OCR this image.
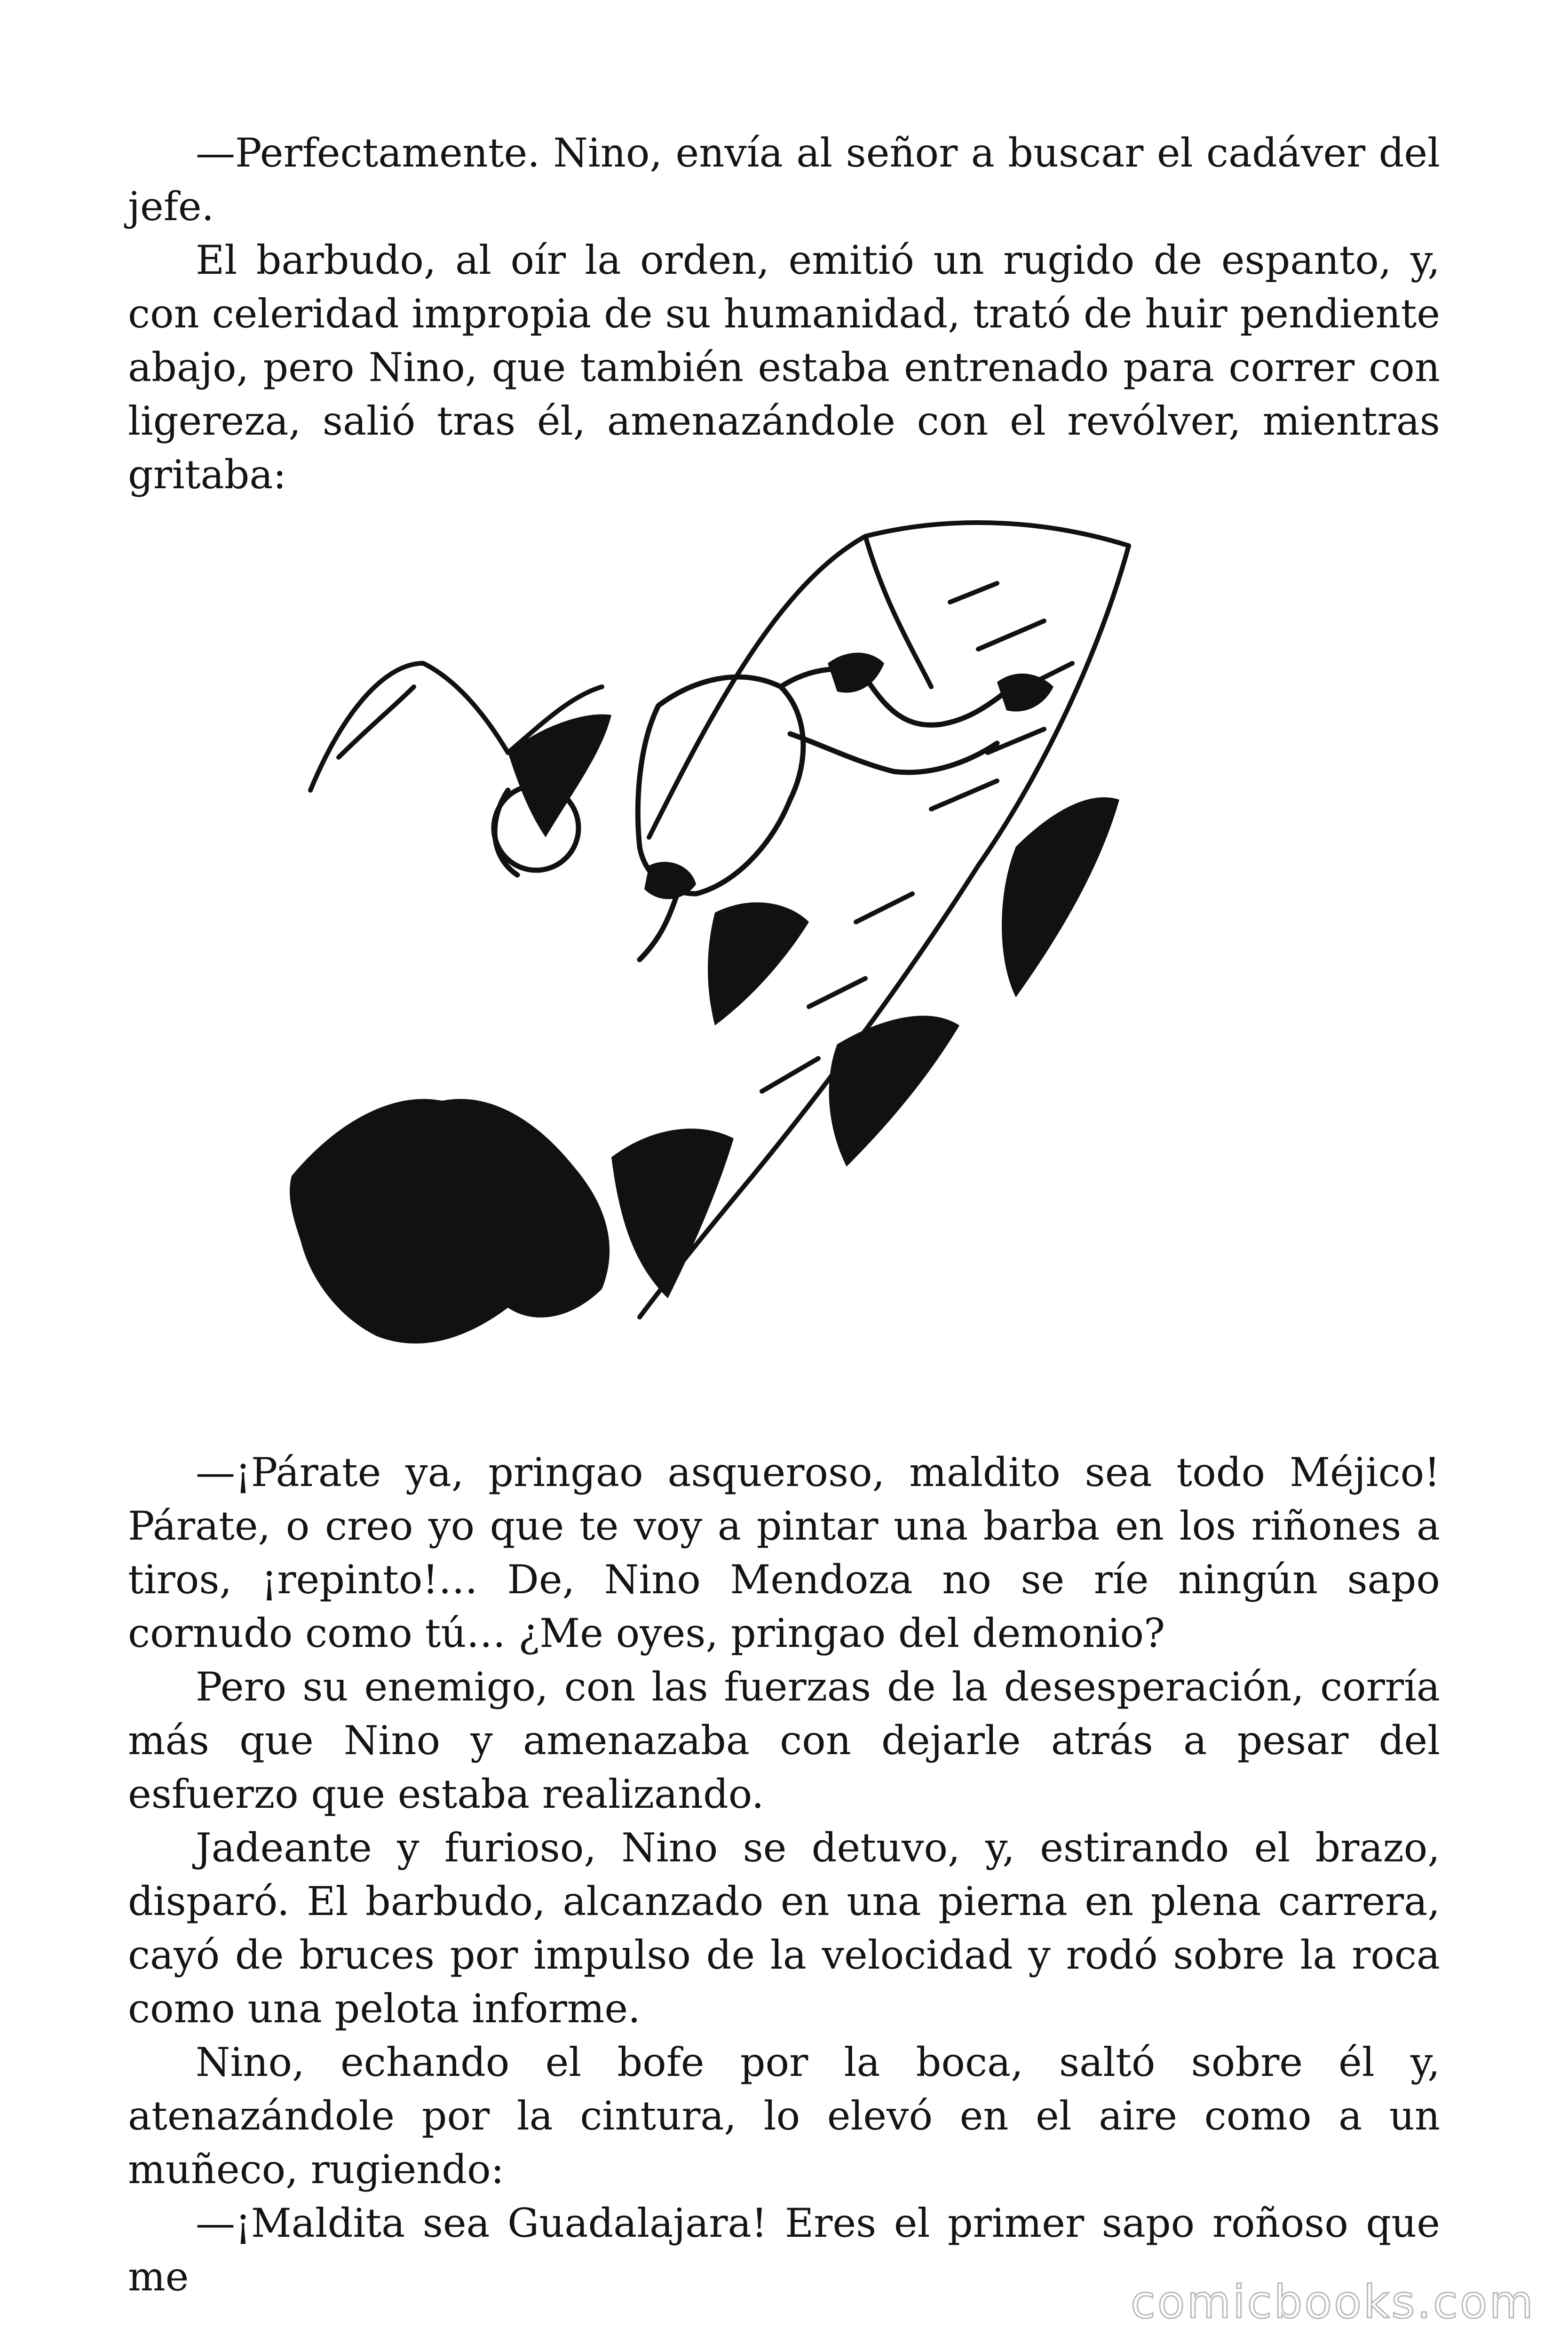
—Perfectamente. Nino, envía al señor a buscar el cadáver del jefe.

El barbudo, al oír la orden, emitió un rugido de espanto, y, con celeridad impropia de su humanidad, trató de huir pendiente abajo, pero Nino, que también estaba entrenado para correr con ligereza, salió tras él, amenazándole con el revólver, mientras gritaba:

—¡Párate ya, pringao asqueroso, maldito sea todo Méjico! Párate, o creo yo que te voy a pintar una barba en los riñones a tiros, ¡repinto!… De, Nino Mendoza no se ríe ningún sapo cornudo como tú… ¿Me oyes, pringao del demonio?

Pero su enemigo, con las fuerzas de la desesperación, corría más que Nino y amenazaba con dejarle atrás a pesar del esfuerzo que estaba realizando.

Jadeante y furioso, Nino se detuvo, y, estirando el brazo, disparó. El barbudo, alcanzado en una pierna en plena carrera, cayó de bruces por impulso de la velocidad y rodó sobre la roca como una pelota informe.

Nino, echando el bofe por la boca, saltó sobre él y, atenazándole por la cintura, lo elevó en el aire como a un muñeco, rugiendo:

—¡Maldita sea Guadalajara! Eres el primer sapo roñoso que me	comicbooks.com
